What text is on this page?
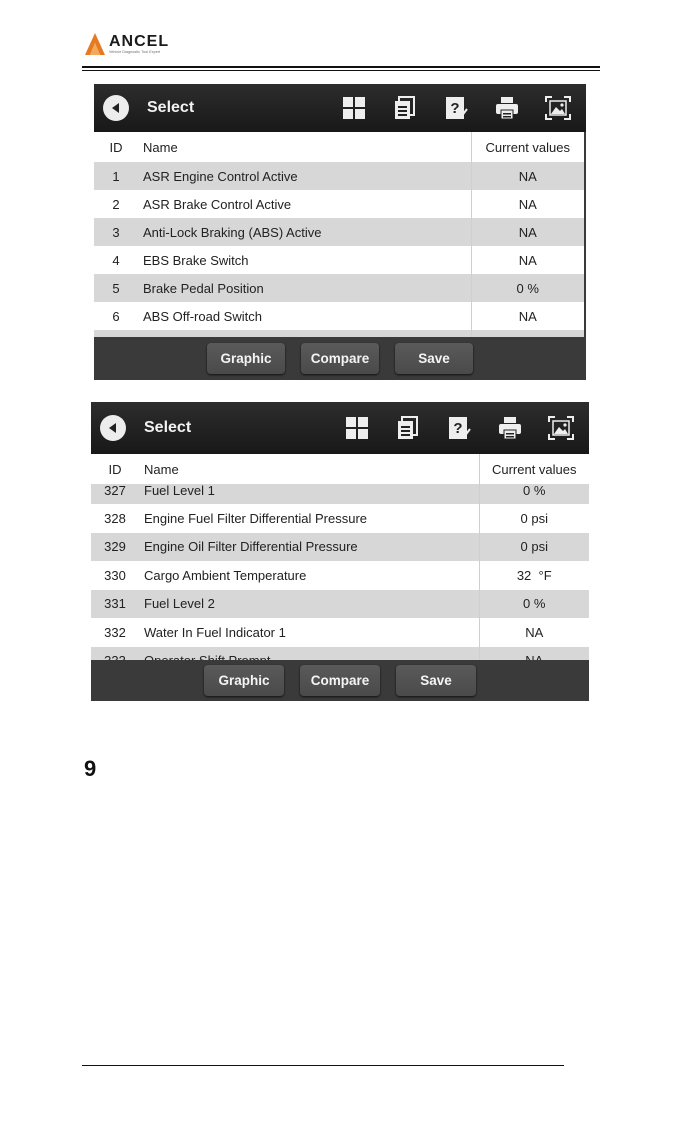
ANCEL
Vehicle Diagnostic Tool Expert
Select	?
ID	Name	Current values
1	ASR Engine Control Active	NA
2	ASR Brake Control Active	NA
3	Anti-Lock Braking (ABS) Active	NA
4	EBS Brake Switch	NA
5	Brake Pedal Position	0 %
6	ABS Off-road Switch	NA

Graphic	Compare	Save
Select	?
ID	Name	Current values
327	Fuel Level 1	0 %
328	Engine Fuel Filter Differential Pressure	0 psi
329	Engine Oil Filter Differential Pressure	0 psi
330	Cargo Ambient Temperature	32  °F
331	Fuel Level 2	0 %
332	Water In Fuel Indicator 1	NA

Graphic	Compare	Save
9
